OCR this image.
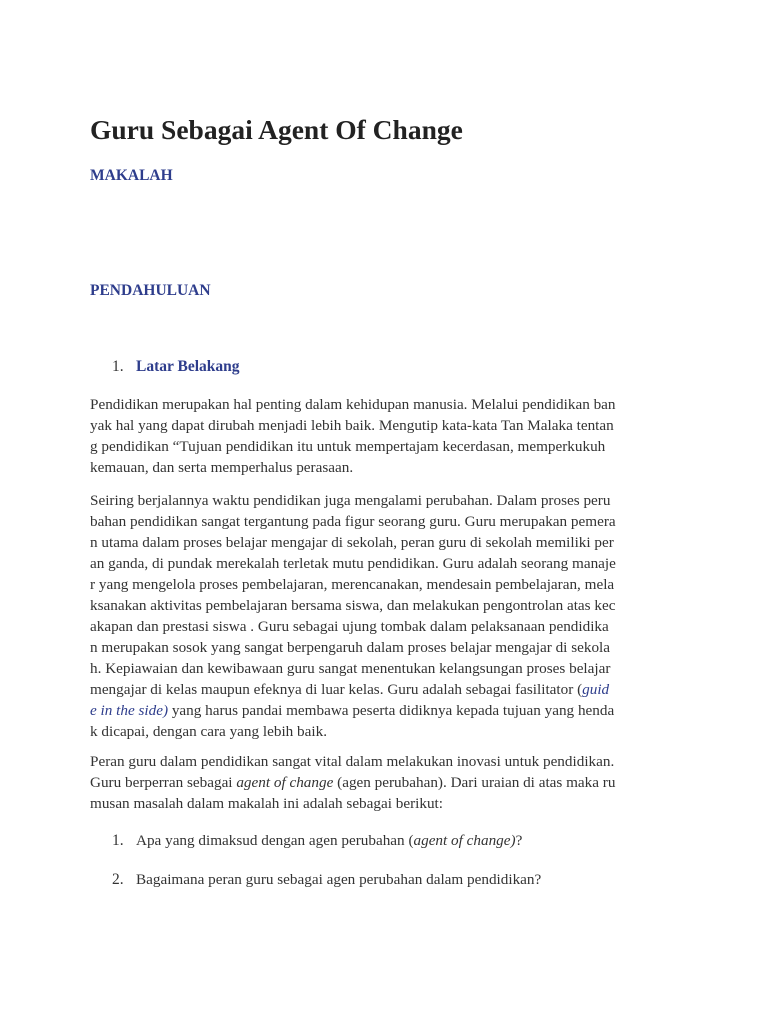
Guru Sebagai Agent Of Change
MAKALAH
PENDAHULUAN
1. Latar Belakang
Pendidikan merupakan hal penting dalam kehidupan manusia. Melalui pendidikan ban
yak hal yang dapat dirubah menjadi lebih baik. Mengutip kata-kata Tan Malaka tentan
g pendidikan “Tujuan pendidikan itu untuk mempertajam kecerdasan, memperkukuh
kemauan, dan serta memperhalus perasaan.
Seiring berjalannya waktu pendidikan juga mengalami perubahan. Dalam proses peru
bahan pendidikan sangat tergantung pada figur seorang guru. Guru merupakan pemera
n utama dalam proses belajar mengajar di sekolah, peran guru di sekolah memiliki per
an ganda, di pundak merekalah terletak mutu pendidikan. Guru adalah seorang manaje
r yang mengelola proses pembelajaran, merencanakan, mendesain pembelajaran, mela
ksanakan aktivitas pembelajaran bersama siswa, dan melakukan pengontrolan atas kec
akapan dan prestasi siswa . Guru sebagai ujung tombak dalam pelaksanaan pendidika
n merupakan sosok yang sangat berpengaruh dalam proses belajar mengajar di sekola
h. Kepiawaian dan kewibawaan guru sangat menentukan kelangsungan proses belajar
mengajar di kelas maupun efeknya di luar kelas. Guru adalah sebagai fasilitator (guid
e in the side) yang harus pandai membawa peserta didiknya kepada tujuan yang henda
k dicapai, dengan cara yang lebih baik.
Peran guru dalam pendidikan sangat vital dalam melakukan inovasi untuk pendidikan.
Guru berperran sebagai agent of change (agen perubahan). Dari uraian di atas maka ru
musan masalah dalam makalah ini adalah sebagai berikut:
1. Apa yang dimaksud dengan agen perubahan (agent of change)?
2. Bagaimana peran guru sebagai agen perubahan dalam pendidikan?
